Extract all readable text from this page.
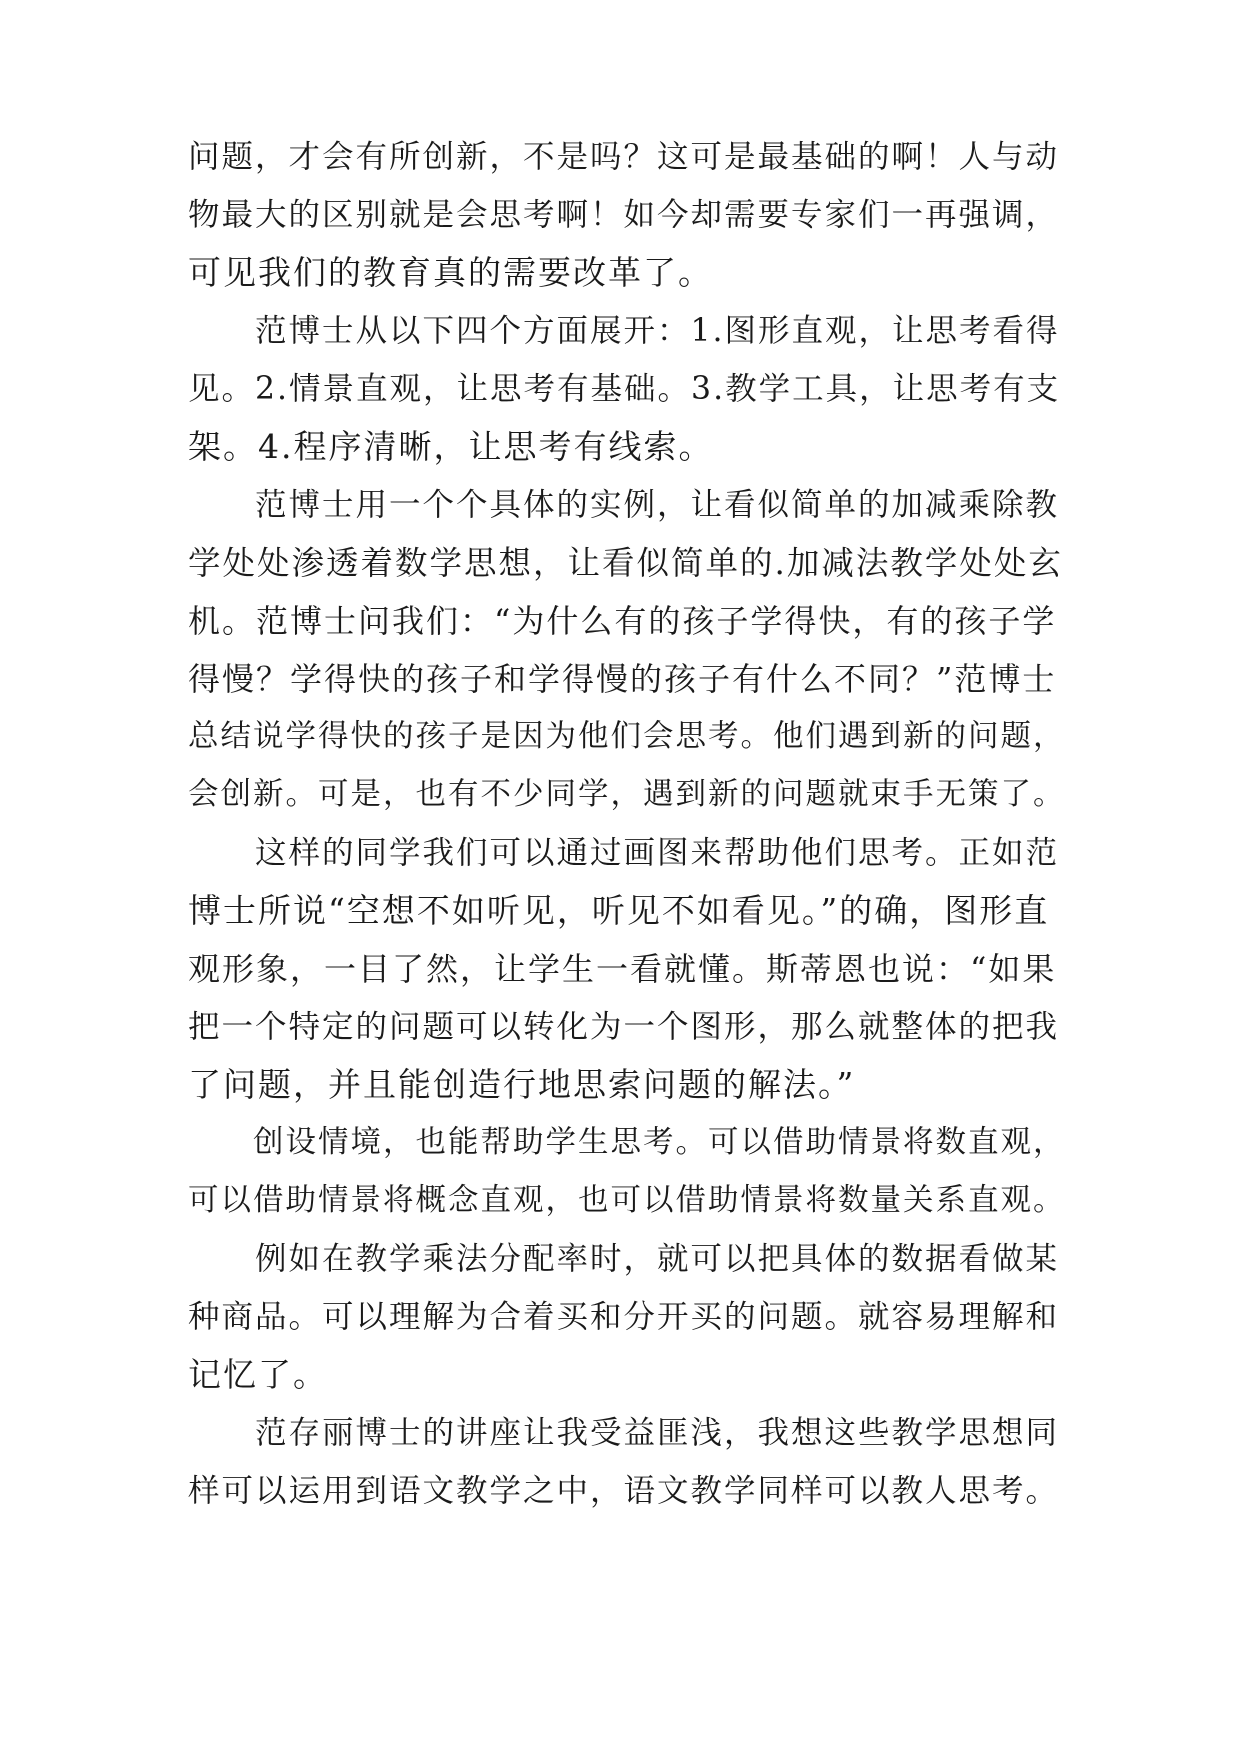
问题，才会有所创新，不是吗？这可是最基础的啊！人与动
物最大的区别就是会思考啊！如今却需要专家们一再强调，
可见我们的教育真的需要改革了。
　　范博士从以下四个方面展开：1.图形直观，让思考看得
见。2.情景直观，让思考有基础。3.教学工具，让思考有支
架。4.程序清晰，让思考有线索。
　　范博士用一个个具体的实例，让看似简单的加减乘除教
学处处渗透着数学思想，让看似简单的.加减法教学处处玄
机。范博士问我们：“为什么有的孩子学得快，有的孩子学
得慢？学得快的孩子和学得慢的孩子有什么不同？”范博士
总结说学得快的孩子是因为他们会思考。他们遇到新的问题，
会创新。可是，也有不少同学，遇到新的问题就束手无策了。
　　这样的同学我们可以通过画图来帮助他们思考。正如范
博士所说“空想不如听见，听见不如看见。”的确，图形直
观形象，一目了然，让学生一看就懂。斯蒂恩也说：“如果
把一个特定的问题可以转化为一个图形，那么就整体的把我
了问题，并且能创造行地思索问题的解法。”
　　创设情境，也能帮助学生思考。可以借助情景将数直观，
可以借助情景将概念直观，也可以借助情景将数量关系直观。
　　例如在教学乘法分配率时，就可以把具体的数据看做某
种商品。可以理解为合着买和分开买的问题。就容易理解和
记忆了。
　　范存丽博士的讲座让我受益匪浅，我想这些教学思想同
样可以运用到语文教学之中，语文教学同样可以教人思考。
